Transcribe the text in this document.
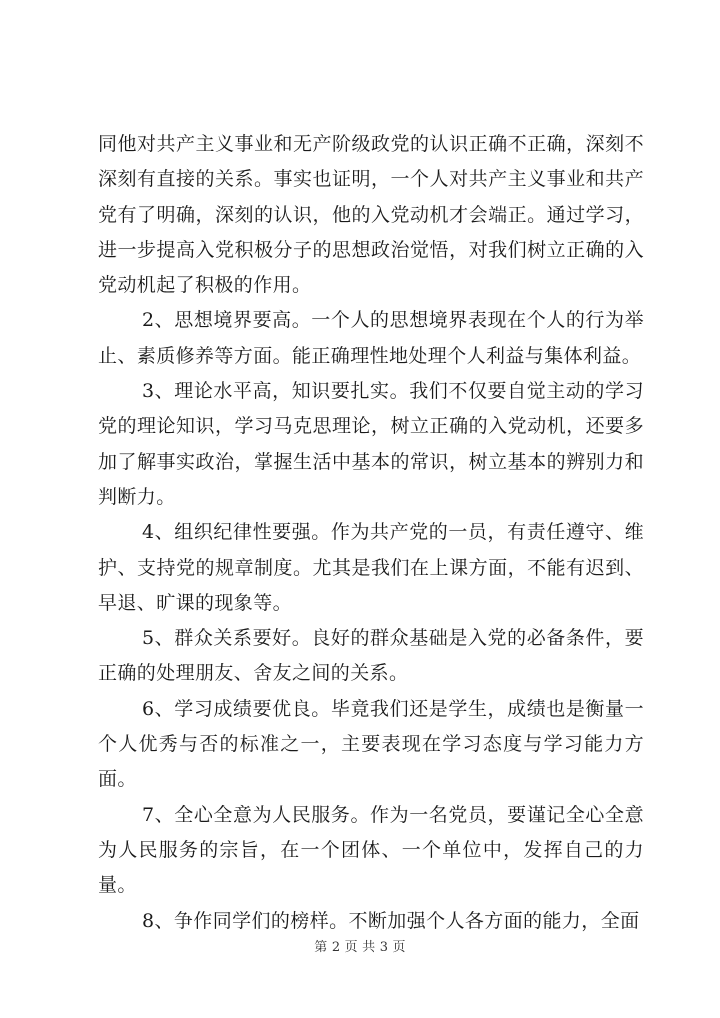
同他对共产主义事业和无产阶级政党的认识正确不正确，深刻不深刻有直接的关系。事实也证明，一个人对共产主义事业和共产党有了明确，深刻的认识，他的入党动机才会端正。通过学习，进一步提高入党积极分子的思想政治觉悟，对我们树立正确的入党动机起了积极的作用。

2、思想境界要高。一个人的思想境界表现在个人的行为举止、素质修养等方面。能正确理性地处理个人利益与集体利益。

3、理论水平高，知识要扎实。我们不仅要自觉主动的学习党的理论知识，学习马克思理论，树立正确的入党动机，还要多加了解事实政治，掌握生活中基本的常识，树立基本的辨别力和判断力。

4、组织纪律性要强。作为共产党的一员，有责任遵守、维护、支持党的规章制度。尤其是我们在上课方面，不能有迟到、早退、旷课的现象等。

5、群众关系要好。良好的群众基础是入党的必备条件，要正确的处理朋友、舍友之间的关系。

6、学习成绩要优良。毕竟我们还是学生，成绩也是衡量一个人优秀与否的标准之一，主要表现在学习态度与学习能力方面。

7、全心全意为人民服务。作为一名党员，要谨记全心全意为人民服务的宗旨，在一个团体、一个单位中，发挥自己的力量。

8、争作同学们的榜样。不断加强个人各方面的能力，全面

第 2 页 共 3 页
